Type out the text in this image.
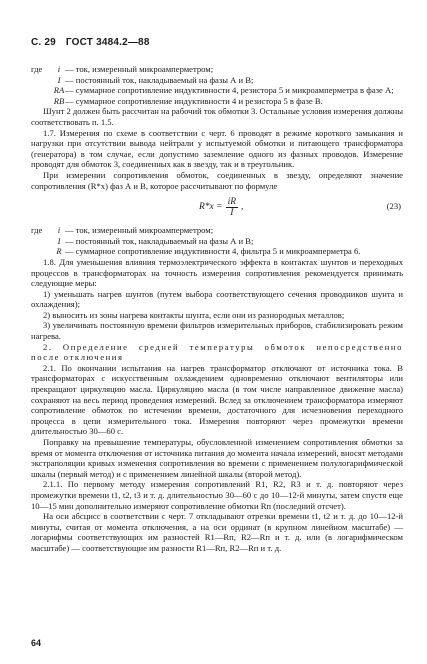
С. 29 ГОСТ 3484.2—88
где	i — ток, измеренный микроамперметром;
I — постоянный ток, накладываемый на фазы А и В;
RA — суммарное сопротивление индуктивности 4, резистора 5 и микроамперметра в фазе А;
RB — суммарное сопротивление индуктивности 4 и резистора 5 в фазе В.

Шунт 2 должен быть рассчитан на рабочий ток обмотки 3. Остальные условия измерения должны соответствовать п. 1.5.

1.7. Измерения по схеме в соответствии с черт. 6 проводят в режиме короткого замыкания и нагрузки при отсутствии вывода нейтрали у испытуемой обмотки и питающего трансформатора (генератора) в том случае, если допустимо заземление одного из фазных проводов. Измерение проводят для обмоток 3, соединенных как в звезду, так и в треугольник.

При измерении сопротивления обмоток, соединенных в звезду, определяют значение сопротивления (R*x) фаз А и В, которое рассчитывают по формуле

$R*x = \frac{iR}{I}$ ,	(23)
где	i — ток, измеренный микроамперметром;
I — постоянный ток, накладываемый на фазы А и В;
R — суммарное сопротивление индуктивности 4, фильтра 5 и микроамперметра 6.

1.8. Для уменьшения влияния термоэлектрического эффекта в контактах шунтов и переходных процессов в трансформаторах на точность измерения сопротивления рекомендуется принимать следующие меры:

1) уменьшать нагрев шунтов (путем выбора соответствующего сечения проводников шунта и охлаждения);

2) выносить из зоны нагрева контакты шунта, если они из разнородных металлов;

3) увеличивать постоянную времени фильтров измерительных приборов, стабилизировать режим нагрева.

2. Определение средней температуры обмоток непосредственно после отключения

2.1. По окончании испытания на нагрев трансформатор отключают от источника тока. В трансформаторах с искусственным охлаждением одновременно отключают вентиляторы или прекращают циркуляцию масла. Циркуляцию масла (в том числе направленное движение масла) сохраняют на весь период проведения измерений. Вслед за отключением трансформатора измеряют сопротивление обмоток по истечении времени, достаточного для исчезновения переходного процесса в цепи измерительного тока. Измерения повторяют через промежутки времени длительностью 30—60 с.

Поправку на превышение температуры, обусловленной изменением сопротивления обмотки за время от момента отключения от источника питания до момента начала измерений, вносят методами экстраполяции кривых изменения сопротивления во времени с применением полулогарифмической шкалы (первый метод) и с применением линейной шкалы (второй метод).

2.1.1. По первому методу измерения сопротивлений R1, R2, R3 и т. д. повторяют через промежутки времени t1, t2, t3 и т. д. длительностью 30—60 с до 10—12-й минуты, затем спустя еще 10—15 мин дополнительно измеряют сопротивление обмотки Rп (последний отсчет).

На оси абсцисс в соответствии с черт. 7 откладывают отрезки времени t1, t2 и т. д. до 10—12-й минуты, считая от момента отключения, а на оси ординат (в крупном линейном масштабе) — логарифмы соответствующих им разностей R1—Rп, R2—Rп и т. д. или (в логарифмическом масштабе) — соответствующие им разности R1—Rп, R2—Rп и т. д.

64
